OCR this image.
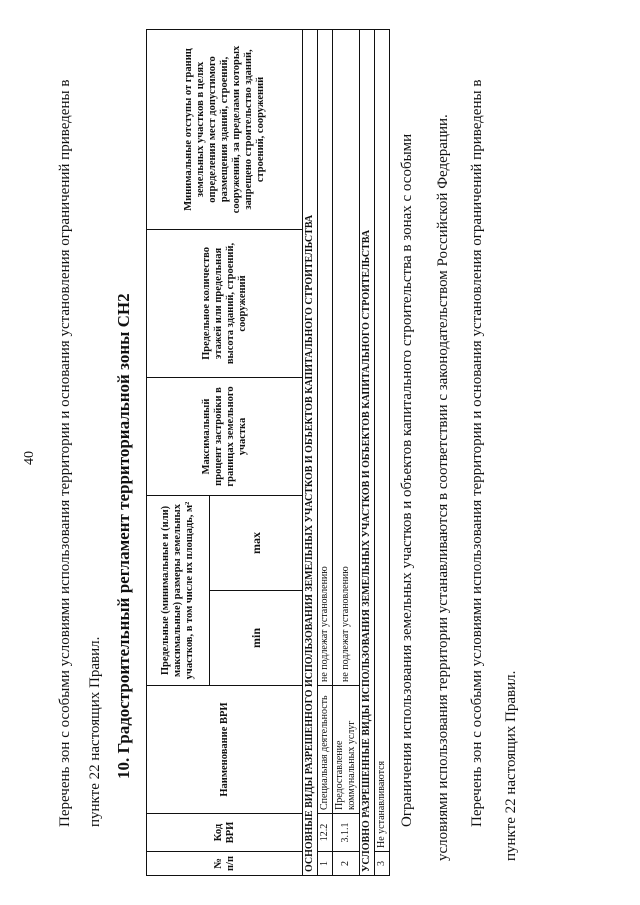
40 Перечень зон с особыми условиями использования территории и основания установления ограничений приведены в пункте 22 настоящих Правил. 10. Градостроительный регламент территориальной зоны СН2
№ п/п	Код ВРИ	Наименование ВРИ	Предельные (минимальные и (или) максимальные) размеры земельных участков, в том числе их площадь, м²		Максимальный процент застройки в границах земельного участка	Предельное количество этажей или предельная высота зданий, строений, сооружений	Минимальные отступы от границ земельных участков в целях определения мест допустимого размещения зданий, строений, сооружений, за пределами которых запрещено строительство зданий, строений, сооружений
			min	max			
ОСНОВНЫЕ ВИДЫ РАЗРЕШЕННОГО ИСПОЛЬЗОВАНИЯ ЗЕМЕЛЬНЫХ УЧАСТКОВ И ОБЪЕКТОВ КАПИТАЛЬНОГО СТРОИТЕЛЬСТВА							
1	12.2	Специальная деятельность	не подлежат установлению				
2	3.1.1	Предоставление коммунальных услуг	не подлежат установлению				
УСЛОВНО РАЗРЕШЕННЫЕ ВИДЫ ИСПОЛЬЗОВАНИЯ ЗЕМЕЛЬНЫХ УЧАСТКОВ И ОБЪЕКТОВ КАПИТАЛЬНОГО СТРОИТЕЛЬСТВА							
3	Не устанавливаются						Ограничения использования земельных участков и объектов капитального строительства в зонах с особыми условиями использования территории устанавливаются в соответствии с законодательством Российской Федерации. Перечень зон с особыми условиями использования территории и основания установления ограничений приведены в пункте 22 настоящих Правил.
